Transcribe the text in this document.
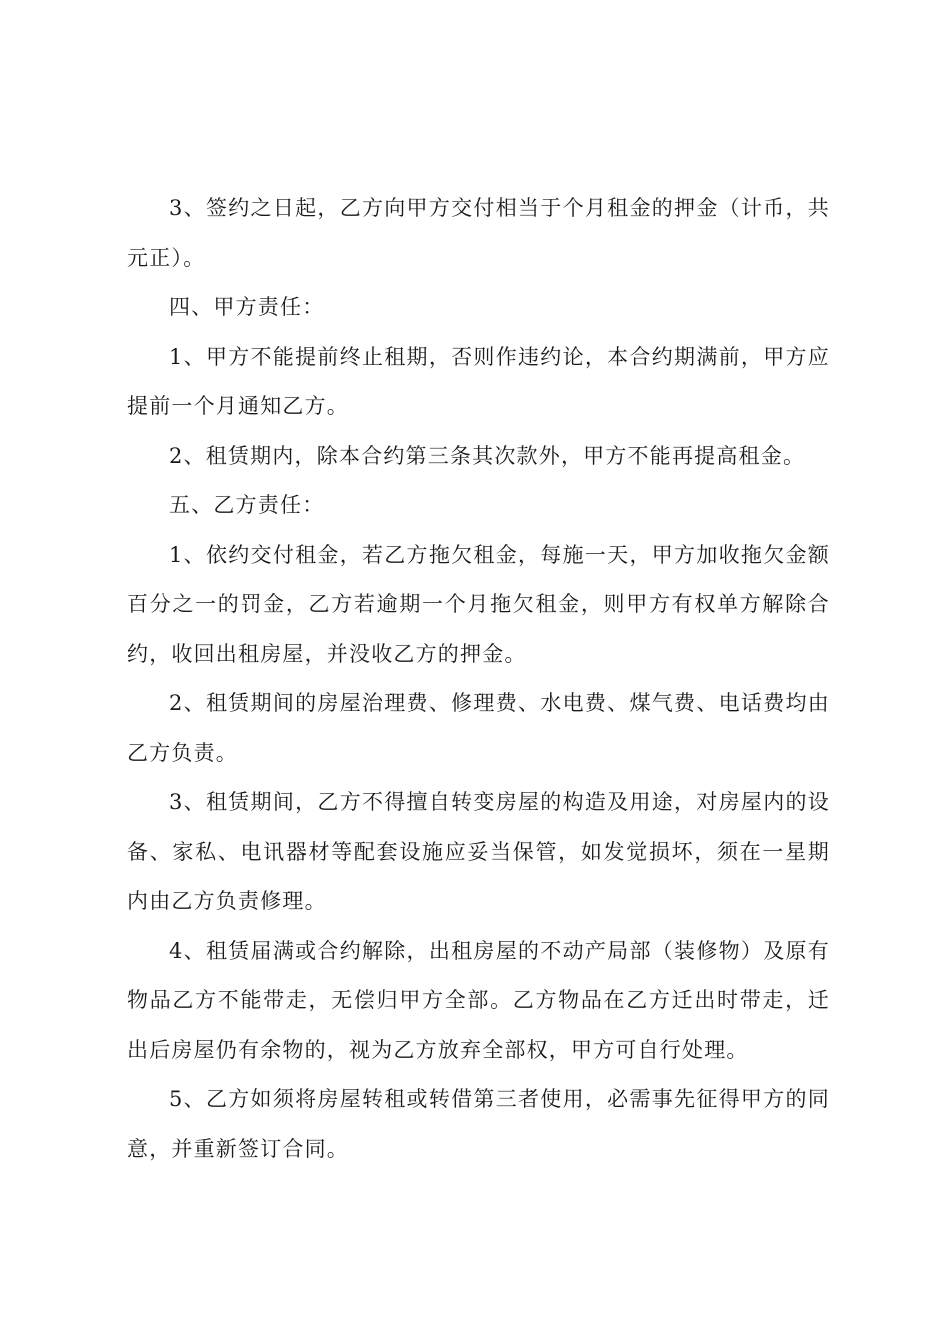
3、签约之日起，乙方向甲方交付相当于个月租金的押金（计币，共元正）。

四、甲方责任：

1、甲方不能提前终止租期，否则作违约论，本合约期满前，甲方应提前一个月通知乙方。

2、租赁期内，除本合约第三条其次款外，甲方不能再提高租金。

五、乙方责任：

1、依约交付租金，若乙方拖欠租金，每施一天，甲方加收拖欠金额百分之一的罚金，乙方若逾期一个月拖欠租金，则甲方有权单方解除合约，收回出租房屋，并没收乙方的押金。

2、租赁期间的房屋治理费、修理费、水电费、煤气费、电话费均由乙方负责。

3、租赁期间，乙方不得擅自转变房屋的构造及用途，对房屋内的设备、家私、电讯器材等配套设施应妥当保管，如发觉损坏，须在一星期内由乙方负责修理。

4、租赁届满或合约解除，出租房屋的不动产局部（装修物）及原有物品乙方不能带走，无偿归甲方全部。乙方物品在乙方迁出时带走，迁出后房屋仍有余物的，视为乙方放弃全部权，甲方可自行处理。

5、乙方如须将房屋转租或转借第三者使用，必需事先征得甲方的同意，并重新签订合同。
